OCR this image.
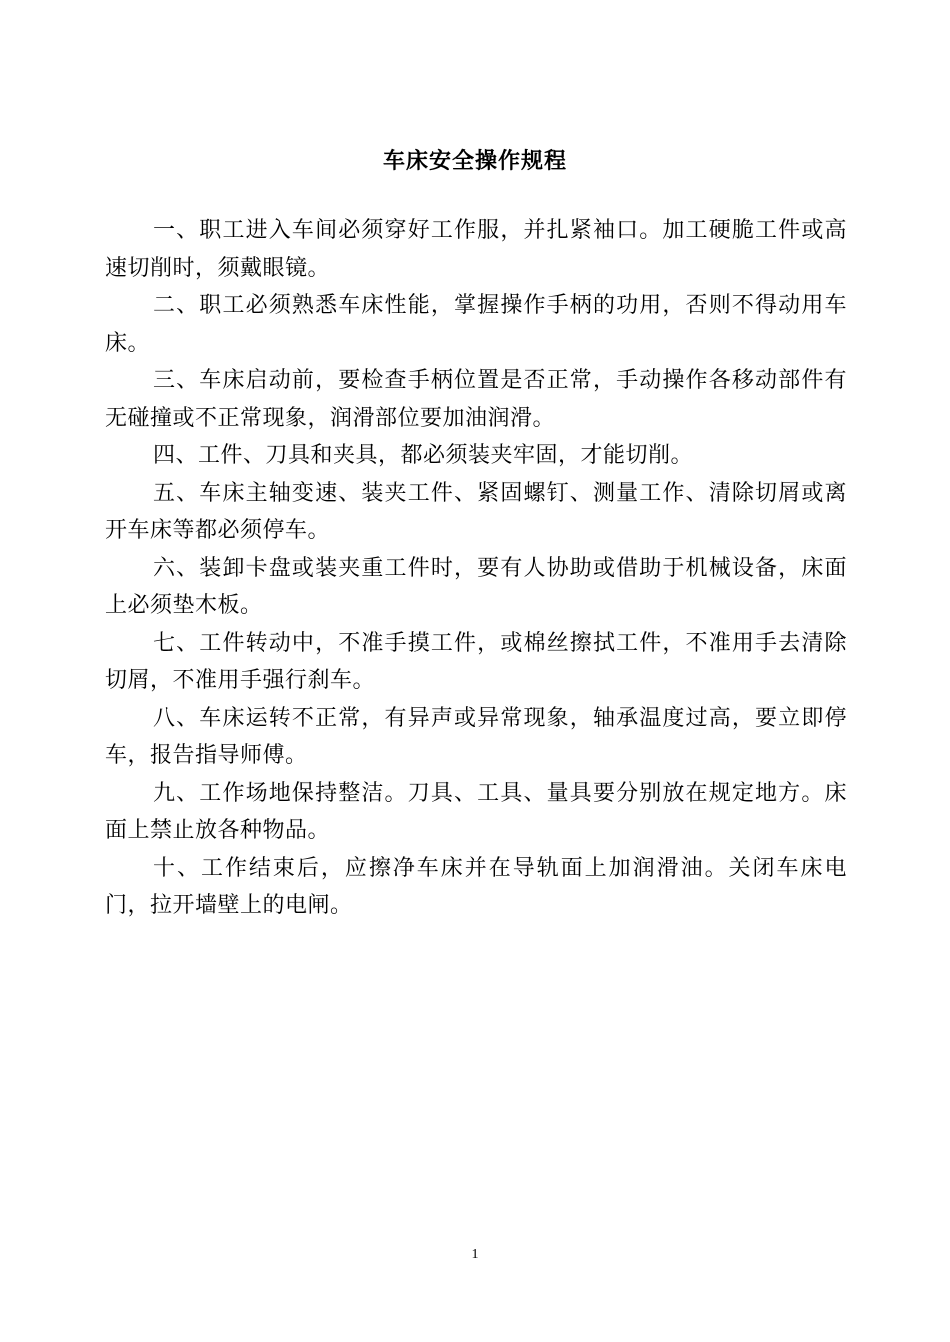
车床安全操作规程

一、职工进入车间必须穿好工作服，并扎紧袖口。加工硬脆工件或高速切削时，须戴眼镜。

二、职工必须熟悉车床性能，掌握操作手柄的功用，否则不得动用车床。

三、车床启动前，要检查手柄位置是否正常，手动操作各移动部件有无碰撞或不正常现象，润滑部位要加油润滑。

四、工件、刀具和夹具，都必须装夹牢固，才能切削。

五、车床主轴变速、装夹工件、紧固螺钉、测量工作、清除切屑或离开车床等都必须停车。

六、装卸卡盘或装夹重工件时，要有人协助或借助于机械设备，床面上必须垫木板。

七、工件转动中，不准手摸工件，或棉丝擦拭工件，不准用手去清除切屑，不准用手强行刹车。

八、车床运转不正常，有异声或异常现象，轴承温度过高，要立即停车，报告指导师傅。

九、工作场地保持整洁。刀具、工具、量具要分别放在规定地方。床面上禁止放各种物品。

十、工作结束后，应擦净车床并在导轨面上加润滑油。关闭车床电门，拉开墙壁上的电闸。

1
